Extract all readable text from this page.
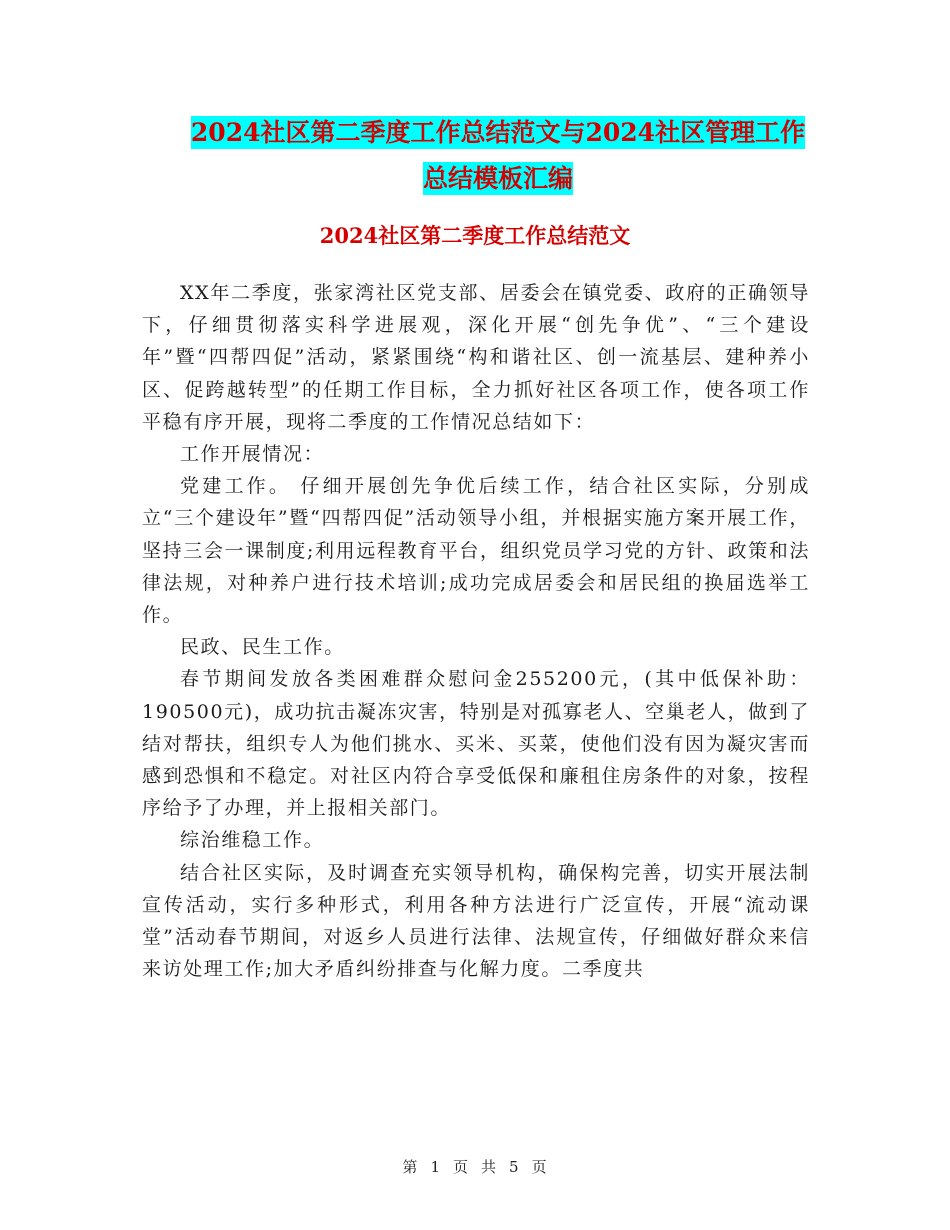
2024社区第二季度工作总结范文与2024社区管理工作
总结模板汇编
2024社区第二季度工作总结范文

XX年二季度，张家湾社区党支部、居委会在镇党委、政府的正确领导下，仔细贯彻落实科学进展观，深化开展“创先争优”、“三个建设年”暨“四帮四促”活动，紧紧围绕“构和谐社区、创一流基层、建种养小区、促跨越转型”的任期工作目标，全力抓好社区各项工作，使各项工作平稳有序开展，现将二季度的工作情况总结如下：

工作开展情况：

党建工作。 仔细开展创先争优后续工作，结合社区实际，分别成立“三个建设年”暨“四帮四促”活动领导小组，并根据实施方案开展工作，坚持三会一课制度;利用远程教育平台，组织党员学习党的方针、政策和法律法规，对种养户进行技术培训;成功完成居委会和居民组的换届选举工作。

民政、民生工作。

春节期间发放各类困难群众慰问金255200元，(其中低保补助：190500元)，成功抗击凝冻灾害，特别是对孤寡老人、空巢老人，做到了结对帮扶，组织专人为他们挑水、买米、买菜，使他们没有因为凝灾害而感到恐惧和不稳定。对社区内符合享受低保和廉租住房条件的对象，按程序给予了办理，并上报相关部门。

综治维稳工作。

结合社区实际，及时调查充实领导机构，确保构完善，切实开展法制宣传活动，实行多种形式，利用各种方法进行广泛宣传，开展“流动课堂”活动春节期间，对返乡人员进行法律、法规宣传，仔细做好群众来信来访处理工作;加大矛盾纠纷排查与化解力度。二季度共

第 1 页 共 5 页
